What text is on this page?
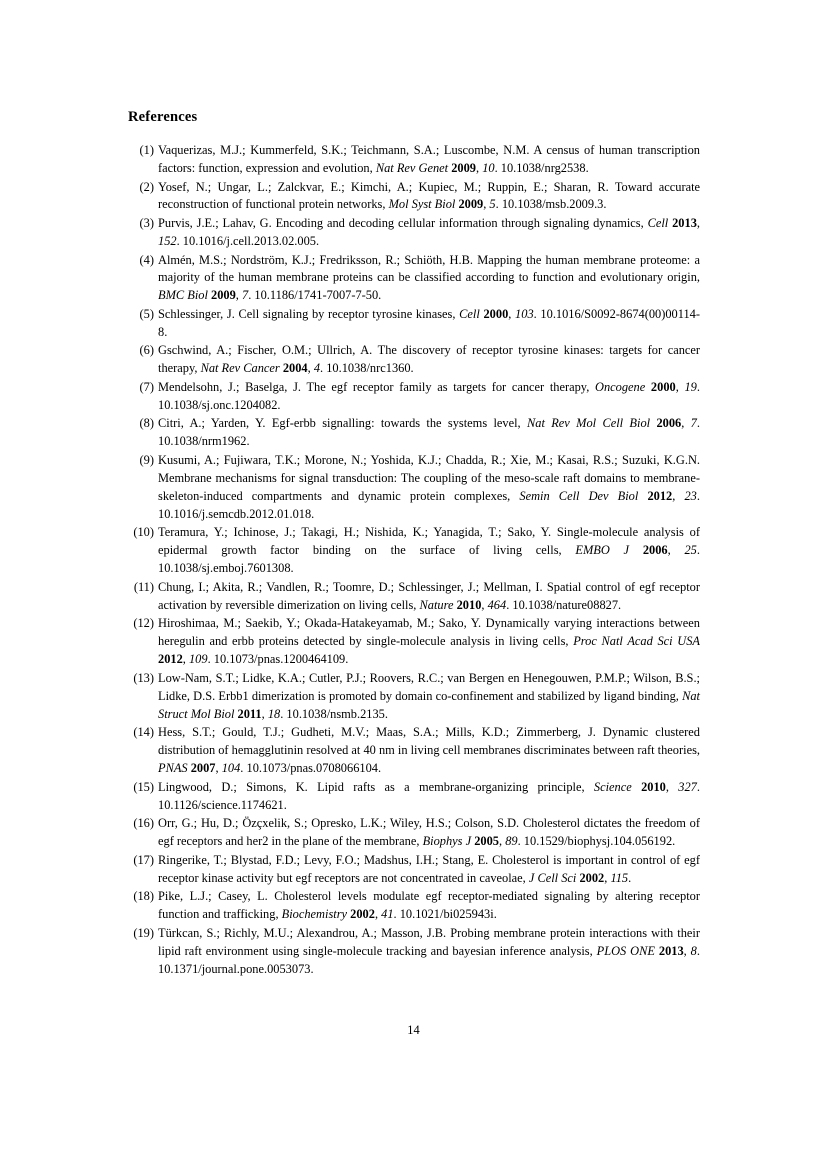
References
(1) Vaquerizas, M.J.; Kummerfeld, S.K.; Teichmann, S.A.; Luscombe, N.M. A census of human transcription factors: function, expression and evolution, Nat Rev Genet 2009, 10. 10.1038/nrg2538.
(2) Yosef, N.; Ungar, L.; Zalckvar, E.; Kimchi, A.; Kupiec, M.; Ruppin, E.; Sharan, R. Toward accurate reconstruction of functional protein networks, Mol Syst Biol 2009, 5. 10.1038/msb.2009.3.
(3) Purvis, J.E.; Lahav, G. Encoding and decoding cellular information through signaling dynamics, Cell 2013, 152. 10.1016/j.cell.2013.02.005.
(4) Almén, M.S.; Nordström, K.J.; Fredriksson, R.; Schiöth, H.B. Mapping the human membrane proteome: a majority of the human membrane proteins can be classified according to function and evolutionary origin, BMC Biol 2009, 7. 10.1186/1741-7007-7-50.
(5) Schlessinger, J. Cell signaling by receptor tyrosine kinases, Cell 2000, 103. 10.1016/S0092-8674(00)00114-8.
(6) Gschwind, A.; Fischer, O.M.; Ullrich, A. The discovery of receptor tyrosine kinases: targets for cancer therapy, Nat Rev Cancer 2004, 4. 10.1038/nrc1360.
(7) Mendelsohn, J.; Baselga, J. The egf receptor family as targets for cancer therapy, Oncogene 2000, 19. 10.1038/sj.onc.1204082.
(8) Citri, A.; Yarden, Y. Egf-erbb signalling: towards the systems level, Nat Rev Mol Cell Biol 2006, 7. 10.1038/nrm1962.
(9) Kusumi, A.; Fujiwara, T.K.; Morone, N.; Yoshida, K.J.; Chadda, R.; Xie, M.; Kasai, R.S.; Suzuki, K.G.N. Membrane mechanisms for signal transduction: The coupling of the meso-scale raft domains to membrane-skeleton-induced compartments and dynamic protein complexes, Semin Cell Dev Biol 2012, 23. 10.1016/j.semcdb.2012.01.018.
(10) Teramura, Y.; Ichinose, J.; Takagi, H.; Nishida, K.; Yanagida, T.; Sako, Y. Single-molecule analysis of epidermal growth factor binding on the surface of living cells, EMBO J 2006, 25. 10.1038/sj.emboj.7601308.
(11) Chung, I.; Akita, R.; Vandlen, R.; Toomre, D.; Schlessinger, J.; Mellman, I. Spatial control of egf receptor activation by reversible dimerization on living cells, Nature 2010, 464. 10.1038/nature08827.
(12) Hiroshimaa, M.; Saekib, Y.; Okada-Hatakeyamab, M.; Sako, Y. Dynamically varying interactions between heregulin and erbb proteins detected by single-molecule analysis in living cells, Proc Natl Acad Sci USA 2012, 109. 10.1073/pnas.1200464109.
(13) Low-Nam, S.T.; Lidke, K.A.; Cutler, P.J.; Roovers, R.C.; van Bergen en Henegouwen, P.M.P.; Wilson, B.S.; Lidke, D.S. Erbb1 dimerization is promoted by domain co-confinement and stabilized by ligand binding, Nat Struct Mol Biol 2011, 18. 10.1038/nsmb.2135.
(14) Hess, S.T.; Gould, T.J.; Gudheti, M.V.; Maas, S.A.; Mills, K.D.; Zimmerberg, J. Dynamic clustered distribution of hemagglutinin resolved at 40 nm in living cell membranes discriminates between raft theories, PNAS 2007, 104. 10.1073/pnas.0708066104.
(15) Lingwood, D.; Simons, K. Lipid rafts as a membrane-organizing principle, Science 2010, 327. 10.1126/science.1174621.
(16) Orr, G.; Hu, D.; Özçxelik, S.; Opresko, L.K.; Wiley, H.S.; Colson, S.D. Cholesterol dictates the freedom of egf receptors and her2 in the plane of the membrane, Biophys J 2005, 89. 10.1529/biophysj.104.056192.
(17) Ringerike, T.; Blystad, F.D.; Levy, F.O.; Madshus, I.H.; Stang, E. Cholesterol is important in control of egf receptor kinase activity but egf receptors are not concentrated in caveolae, J Cell Sci 2002, 115.
(18) Pike, L.J.; Casey, L. Cholesterol levels modulate egf receptor-mediated signaling by altering receptor function and trafficking, Biochemistry 2002, 41. 10.1021/bi025943i.
(19) Türkcan, S.; Richly, M.U.; Alexandrou, A.; Masson, J.B. Probing membrane protein interactions with their lipid raft environment using single-molecule tracking and bayesian inference analysis, PLOS ONE 2013, 8. 10.1371/journal.pone.0053073.
14
